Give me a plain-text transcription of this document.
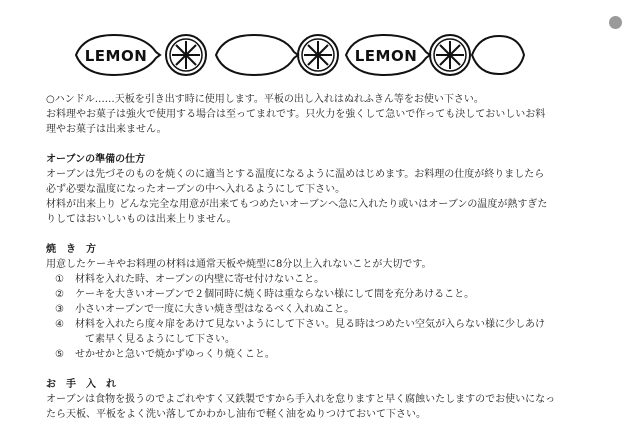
LEMON	LEMON
○ハンドル……天板を引き出す時に使用します。平板の出し入れはぬれふきん等をお使い下さい。
お料理やお菓子は強火で使用する場合は至ってまれです。只火力を強くして急いで作っても決しておいしいお料
理やお菓子は出来ません。
オーブンの準備の仕方
オーブンは先づそのものを焼くのに適当とする温度になるように温めはじめます。お料理の仕度が終りましたら
必ず必要な温度になったオーブンの中へ入れるようにして下さい。
材料が出来上り どんな完全な用意が出来てもつめたいオーブンへ急に入れたり或いはオーブンの温度が熱すぎた
りしてはおいしいものは出来上りません。
焼　き　方
用意したケーキやお料理の材料は通常天板や焼型に8分以上入れないことが大切です。
① 材料を入れた時、オーブンの内壁に寄せ付けないこと。
② ケーキを大きいオーブンで２個同時に焼く時は重ならない様にして間を充分あけること。
③ 小さいオーブンで一度に大きい焼き型はなるべく入れぬこと。
④ 材料を入れたら度々扉をあけて見ないようにして下さい。見る時はつめたい空気が入らない様に少しあけ
て素早く見るようにして下さい。
⑤ せかせかと急いで焼かずゆっくり焼くこと。
お　手　入　れ
オーブンは食物を扱うのでよごれやすく又鉄製ですから手入れを怠りますと早く腐蝕いたしますのでお使いになっ
たら天板、平板をよく洗い落してかわかし油布で軽く油をぬりつけておいて下さい。
